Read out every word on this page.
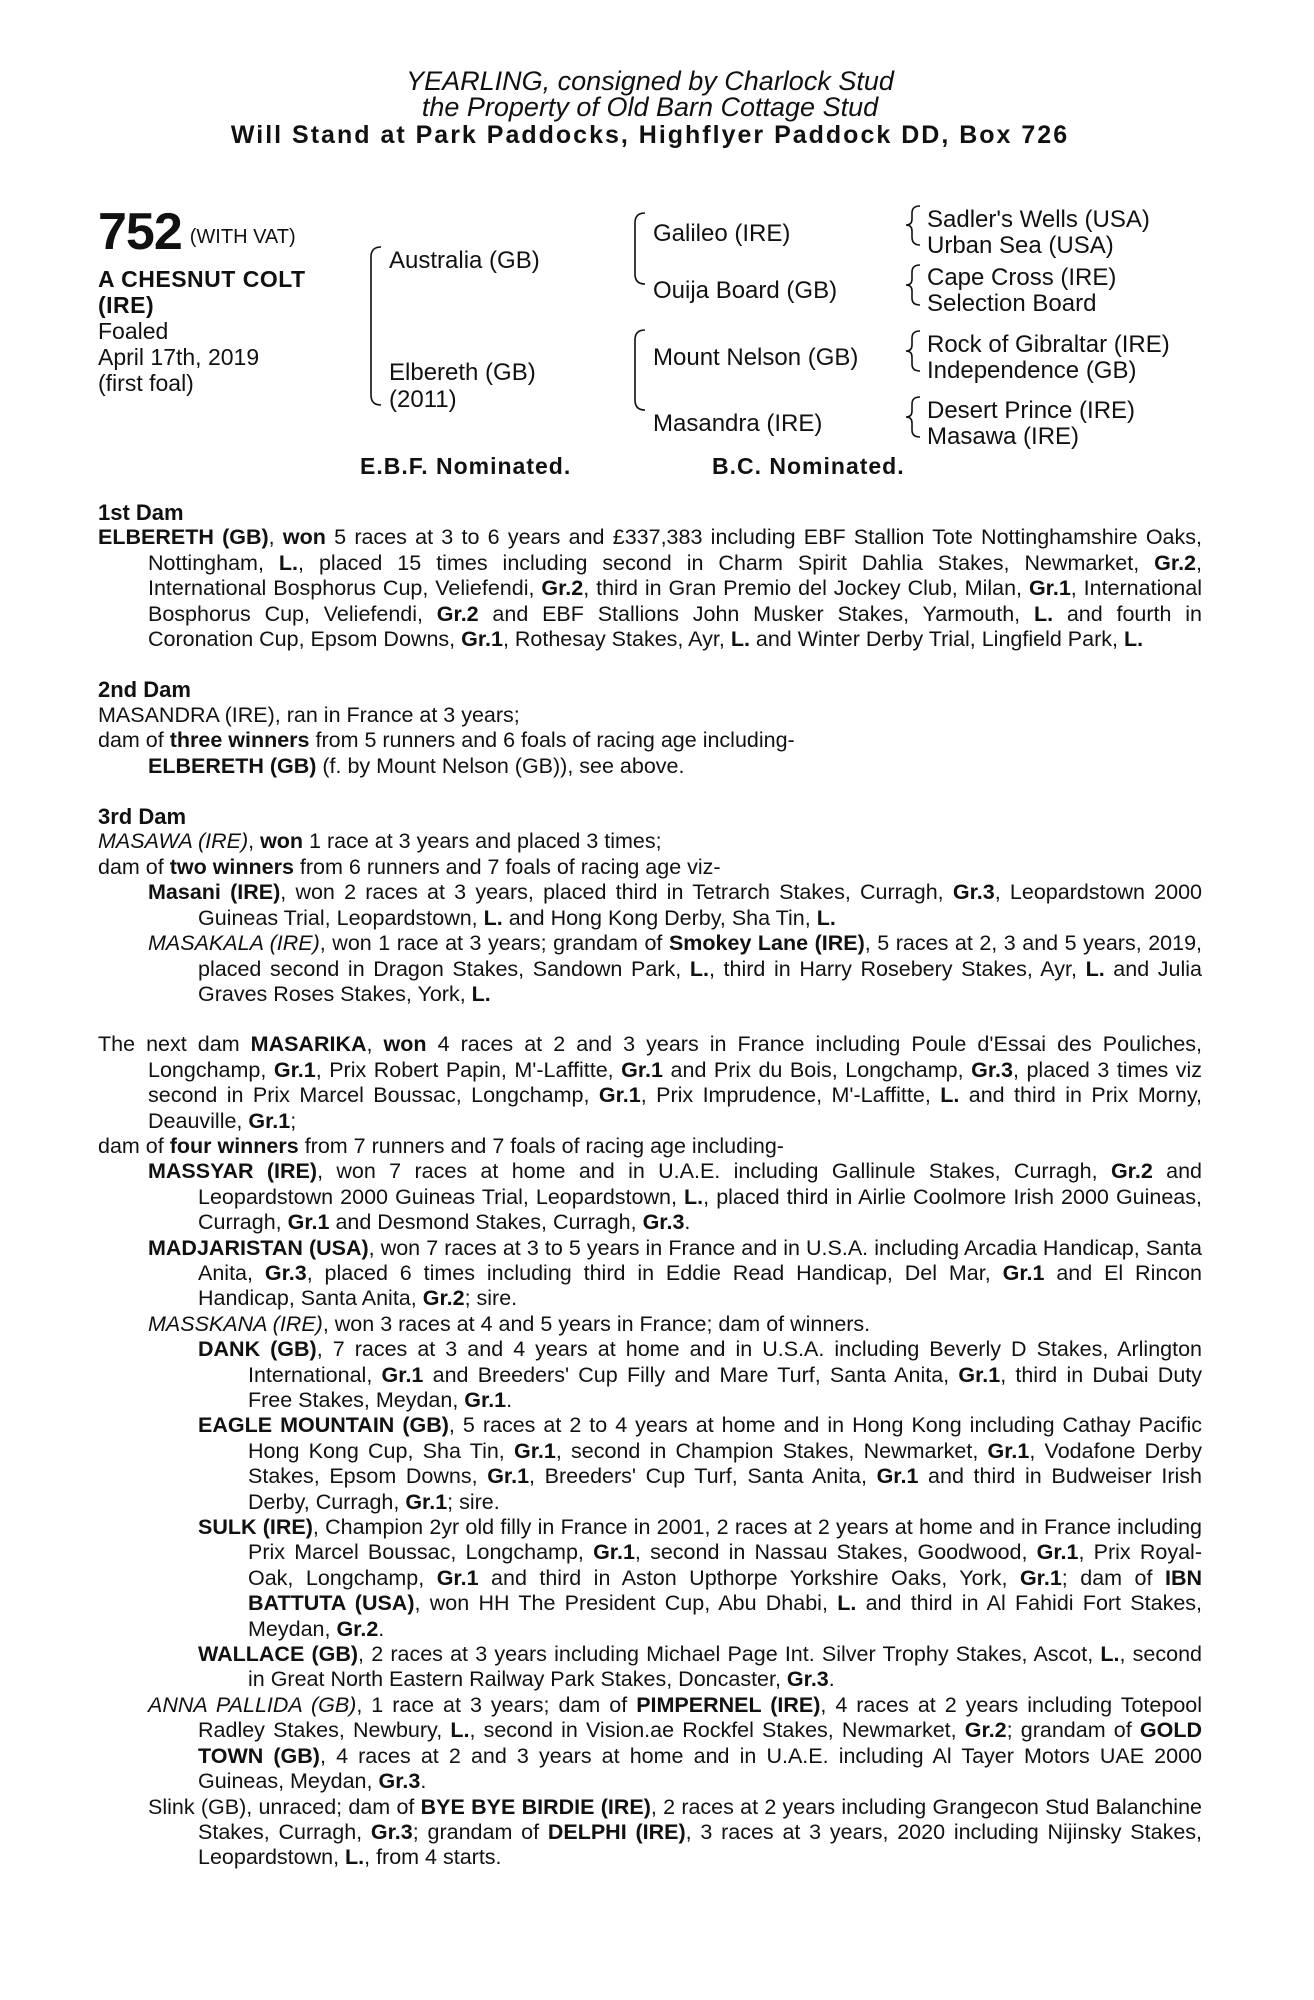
YEARLING, consigned by Charlock Stud
the Property of Old Barn Cottage Stud
Will Stand at Park Paddocks, Highflyer Paddock DD, Box 726
752 (WITH VAT)
A CHESNUT COLT
(IRE)
Foaled
April 17th, 2019
(first foal)
Australia (GB)
Elbereth (GB)
(2011)
Galileo (IRE)
Ouija Board (GB)
Mount Nelson (GB)
Masandra (IRE)
Sadler's Wells (USA)
Urban Sea (USA)
Cape Cross (IRE)
Selection Board
Rock of Gibraltar (IRE)
Independence (GB)
Desert Prince (IRE)
Masawa (IRE)
E.B.F. Nominated.	B.C. Nominated.
1st Dam
ELBERETH (GB), won 5 races at 3 to 6 years and £337,383 including EBF Stallion Tote Nottinghamshire Oaks, Nottingham, L., placed 15 times including second in Charm Spirit Dahlia Stakes, Newmarket, Gr.2, International Bosphorus Cup, Veliefendi, Gr.2, third in Gran Premio del Jockey Club, Milan, Gr.1, International Bosphorus Cup, Veliefendi, Gr.2 and EBF Stallions John Musker Stakes, Yarmouth, L. and fourth in Coronation Cup, Epsom Downs, Gr.1, Rothesay Stakes, Ayr, L. and Winter Derby Trial, Lingfield Park, L.
2nd Dam
MASANDRA (IRE), ran in France at 3 years;
dam of three winners from 5 runners and 6 foals of racing age including-
ELBERETH (GB) (f. by Mount Nelson (GB)), see above.
3rd Dam
MASAWA (IRE), won 1 race at 3 years and placed 3 times;
dam of two winners from 6 runners and 7 foals of racing age viz-
Masani (IRE), won 2 races at 3 years, placed third in Tetrarch Stakes, Curragh, Gr.3, Leopardstown 2000 Guineas Trial, Leopardstown, L. and Hong Kong Derby, Sha Tin, L.
MASAKALA (IRE), won 1 race at 3 years; grandam of Smokey Lane (IRE), 5 races at 2, 3 and 5 years, 2019, placed second in Dragon Stakes, Sandown Park, L., third in Harry Rosebery Stakes, Ayr, L. and Julia Graves Roses Stakes, York, L.
The next dam MASARIKA, won 4 races at 2 and 3 years in France including Poule d'Essai des Pouliches, Longchamp, Gr.1, Prix Robert Papin, M'-Laffitte, Gr.1 and Prix du Bois, Longchamp, Gr.3, placed 3 times viz second in Prix Marcel Boussac, Longchamp, Gr.1, Prix Imprudence, M'-Laffitte, L. and third in Prix Morny, Deauville, Gr.1;
dam of four winners from 7 runners and 7 foals of racing age including-
MASSYAR (IRE), won 7 races at home and in U.A.E. including Gallinule Stakes, Curragh, Gr.2 and Leopardstown 2000 Guineas Trial, Leopardstown, L., placed third in Airlie Coolmore Irish 2000 Guineas, Curragh, Gr.1 and Desmond Stakes, Curragh, Gr.3.
MADJARISTAN (USA), won 7 races at 3 to 5 years in France and in U.S.A. including Arcadia Handicap, Santa Anita, Gr.3, placed 6 times including third in Eddie Read Handicap, Del Mar, Gr.1 and El Rincon Handicap, Santa Anita, Gr.2; sire.
MASSKANA (IRE), won 3 races at 4 and 5 years in France; dam of winners.
DANK (GB), 7 races at 3 and 4 years at home and in U.S.A. including Beverly D Stakes, Arlington International, Gr.1 and Breeders' Cup Filly and Mare Turf, Santa Anita, Gr.1, third in Dubai Duty Free Stakes, Meydan, Gr.1.
EAGLE MOUNTAIN (GB), 5 races at 2 to 4 years at home and in Hong Kong including Cathay Pacific Hong Kong Cup, Sha Tin, Gr.1, second in Champion Stakes, Newmarket, Gr.1, Vodafone Derby Stakes, Epsom Downs, Gr.1, Breeders' Cup Turf, Santa Anita, Gr.1 and third in Budweiser Irish Derby, Curragh, Gr.1; sire.
SULK (IRE), Champion 2yr old filly in France in 2001, 2 races at 2 years at home and in France including Prix Marcel Boussac, Longchamp, Gr.1, second in Nassau Stakes, Goodwood, Gr.1, Prix Royal-Oak, Longchamp, Gr.1 and third in Aston Upthorpe Yorkshire Oaks, York, Gr.1; dam of IBN BATTUTA (USA), won HH The President Cup, Abu Dhabi, L. and third in Al Fahidi Fort Stakes, Meydan, Gr.2.
WALLACE (GB), 2 races at 3 years including Michael Page Int. Silver Trophy Stakes, Ascot, L., second in Great North Eastern Railway Park Stakes, Doncaster, Gr.3.
ANNA PALLIDA (GB), 1 race at 3 years; dam of PIMPERNEL (IRE), 4 races at 2 years including Totepool Radley Stakes, Newbury, L., second in Vision.ae Rockfel Stakes, Newmarket, Gr.2; grandam of GOLD TOWN (GB), 4 races at 2 and 3 years at home and in U.A.E. including Al Tayer Motors UAE 2000 Guineas, Meydan, Gr.3.
Slink (GB), unraced; dam of BYE BYE BIRDIE (IRE), 2 races at 2 years including Grangecon Stud Balanchine Stakes, Curragh, Gr.3; grandam of DELPHI (IRE), 3 races at 3 years, 2020 including Nijinsky Stakes, Leopardstown, L., from 4 starts.
